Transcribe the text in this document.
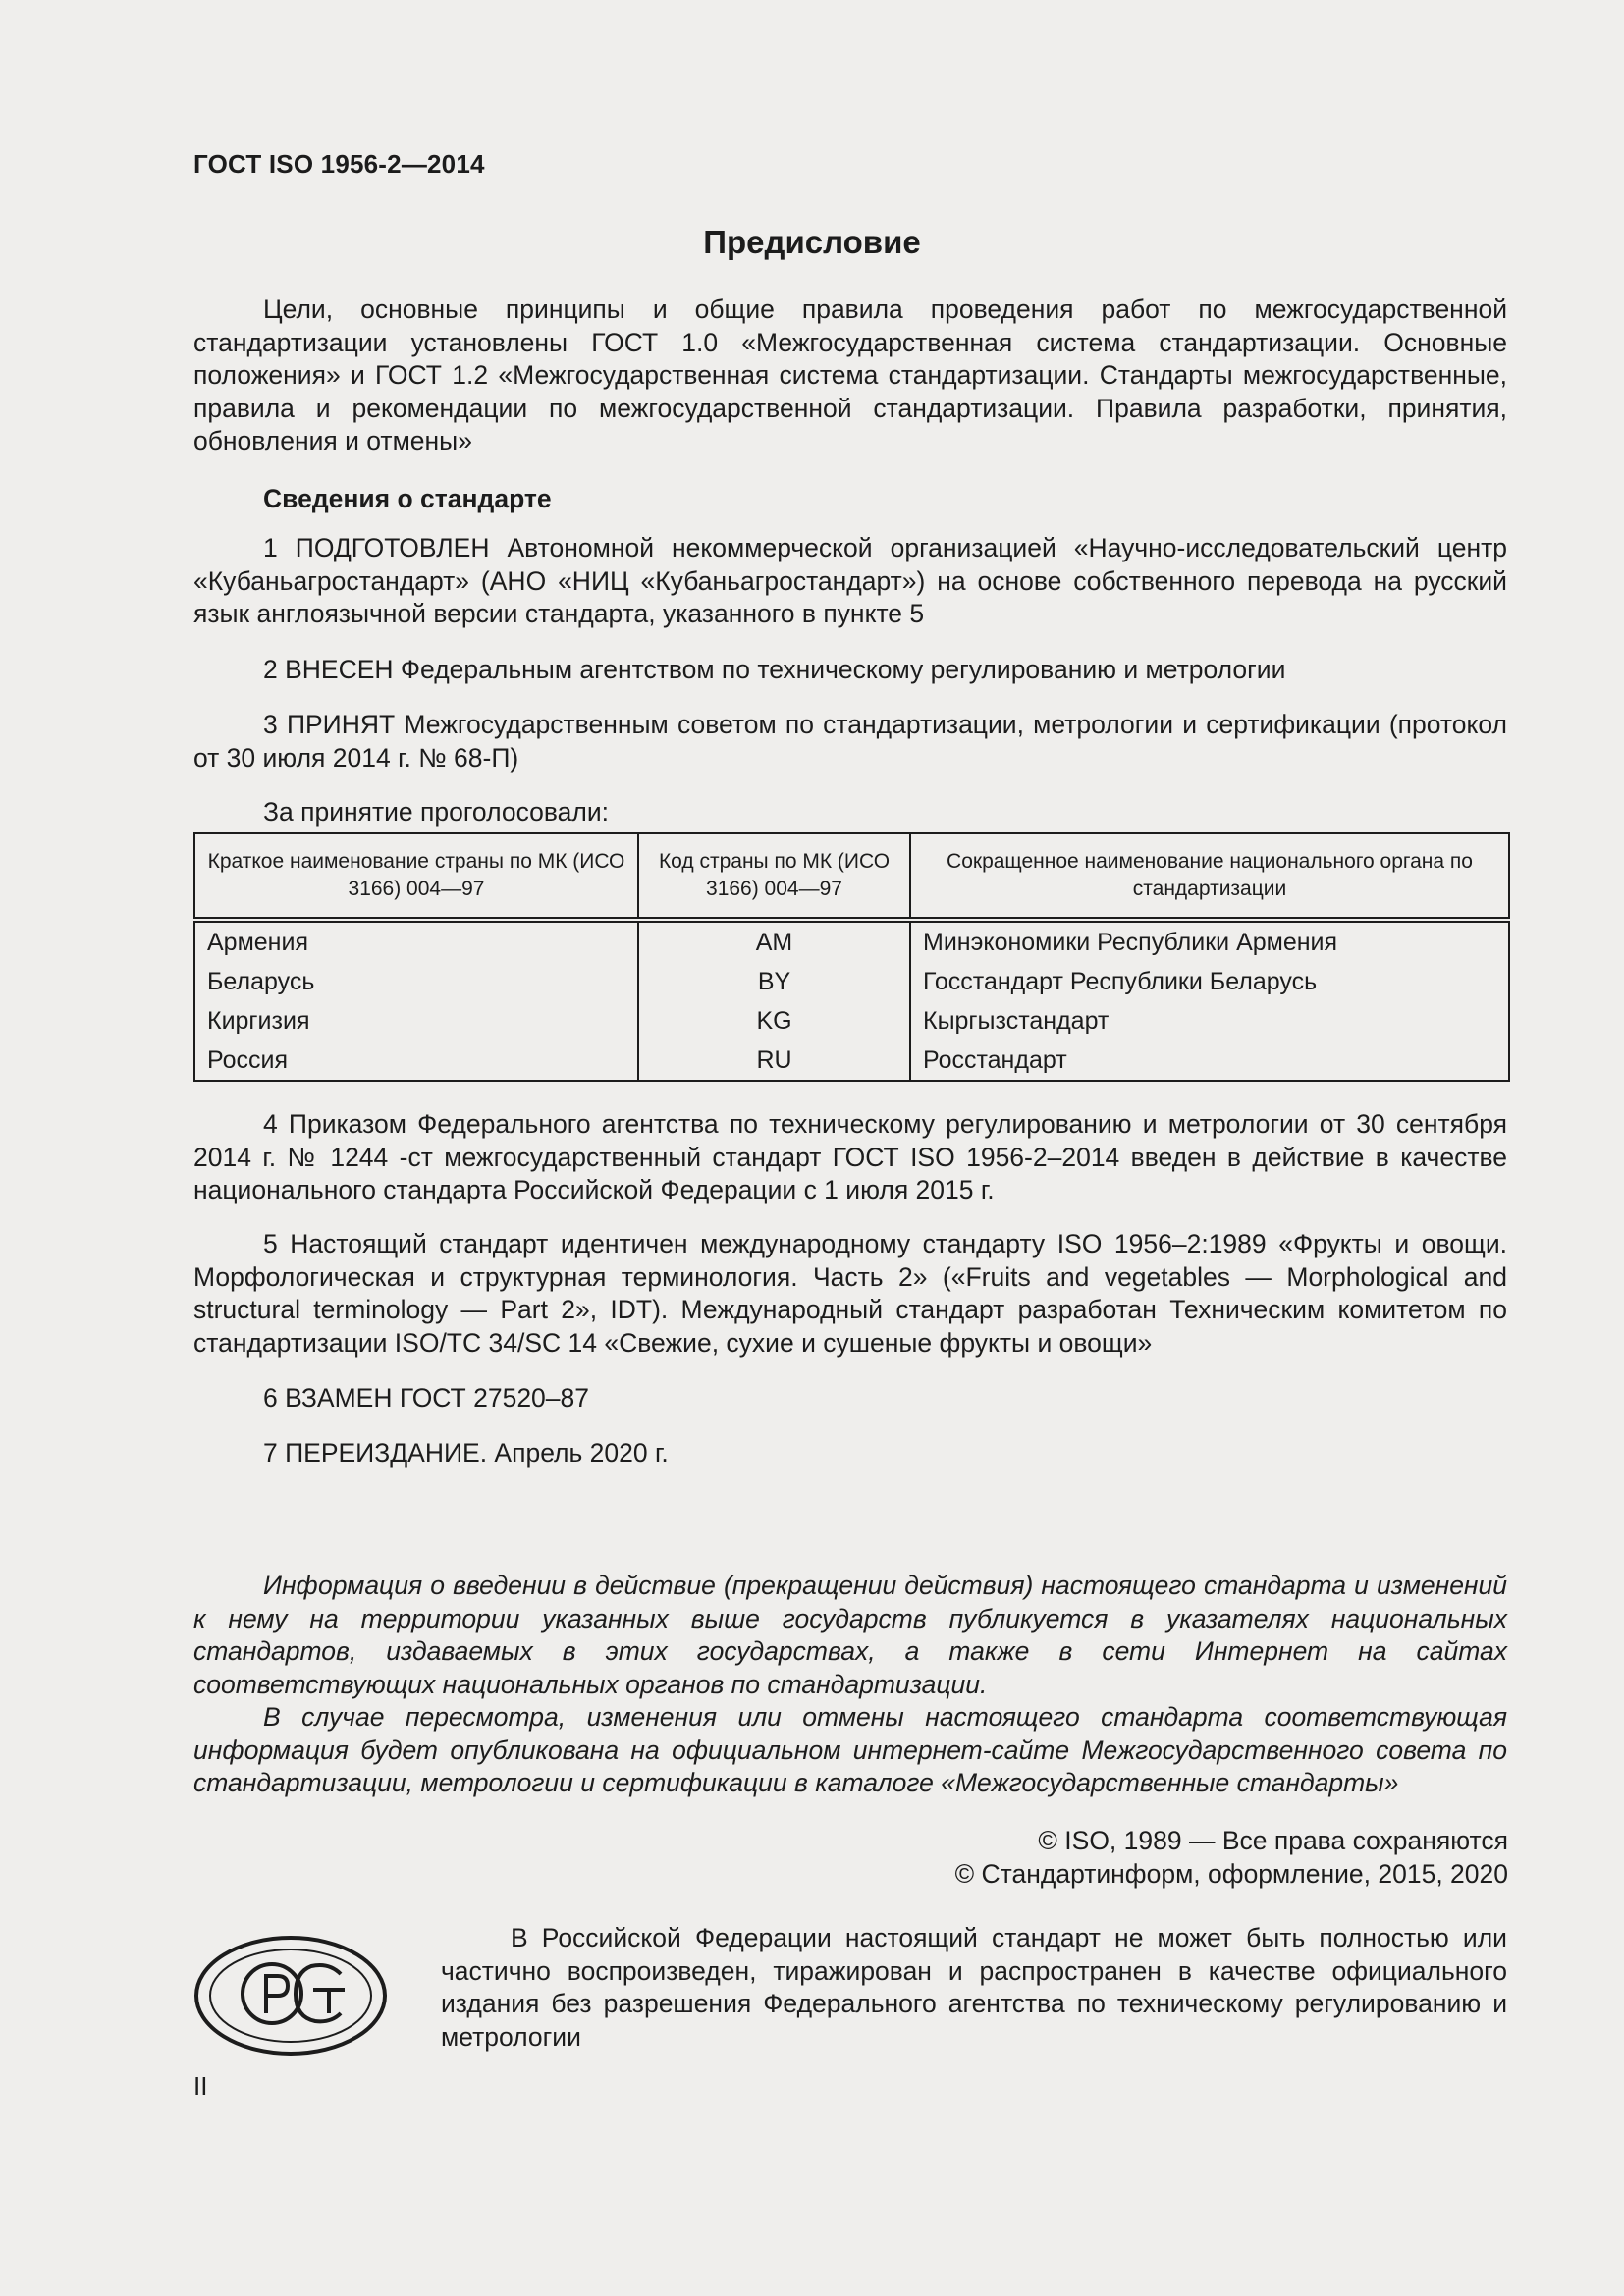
ГОСТ ISO 1956-2—2014
Предисловие
Цели, основные принципы и общие правила проведения работ по межгосударственной стандартизации установлены ГОСТ 1.0 «Межгосударственная система стандартизации. Основные положения» и ГОСТ 1.2 «Межгосударственная система стандартизации. Стандарты межгосударственные, правила и рекомендации по межгосударственной стандартизации. Правила разработки, принятия, обновления и отмены»
Сведения о стандарте
1 ПОДГОТОВЛЕН Автономной некоммерческой организацией «Научно-исследовательский центр «Кубаньагростандарт» (АНО «НИЦ «Кубаньагростандарт») на основе собственного перевода на русский язык англоязычной версии стандарта, указанного в пункте 5
2 ВНЕСЕН Федеральным агентством по техническому регулированию и метрологии
3 ПРИНЯТ Межгосударственным советом по стандартизации, метрологии и сертификации (протокол от 30 июля 2014 г. № 68-П)
За принятие проголосовали:
Краткое наименование страны по МК (ИСО 3166) 004—97	Код страны по МК (ИСО 3166) 004—97	Сокращенное наименование национального органа по стандартизации
Армения	AM	Минэкономики Республики Армения
Беларусь	BY	Госстандарт Республики Беларусь
Киргизия	KG	Кыргызстандарт
Россия	RU	Росстандарт
4 Приказом Федерального агентства по техническому регулированию и метрологии от 30 сентября 2014 г. № 1244 -ст межгосударственный стандарт ГОСТ ISO 1956-2–2014 введен в действие в качестве национального стандарта Российской Федерации с 1 июля 2015 г.
5 Настоящий стандарт идентичен международному стандарту ISO 1956–2:1989 «Фрукты и овощи. Морфологическая и структурная терминология. Часть 2» («Fruits and vegetables — Morphological and structural terminology — Part 2», IDT). Международный стандарт разработан Техническим комитетом по стандартизации ISO/TC 34/SC 14 «Свежие, сухие и сушеные фрукты и овощи»
6 ВЗАМЕН ГОСТ 27520–87
7 ПЕРЕИЗДАНИЕ. Апрель 2020 г.
Информация о введении в действие (прекращении действия) настоящего стандарта и изменений к нему на территории указанных выше государств публикуется в указателях национальных стандартов, издаваемых в этих государствах, а также в сети Интернет на сайтах соответствующих национальных органов по стандартизации.
В случае пересмотра, изменения или отмены настоящего стандарта соответствующая информация будет опубликована на официальном интернет-сайте Межгосударственного совета по стандартизации, метрологии и сертификации в каталоге «Межгосударственные стандарты»
© ISO, 1989 — Все права сохраняются
© Стандартинформ, оформление, 2015, 2020
В Российской Федерации настоящий стандарт не может быть полностью или частично воспроизведен, тиражирован и распространен в качестве официального издания без разрешения Федерального агентства по техническому регулированию и метрологии
II
